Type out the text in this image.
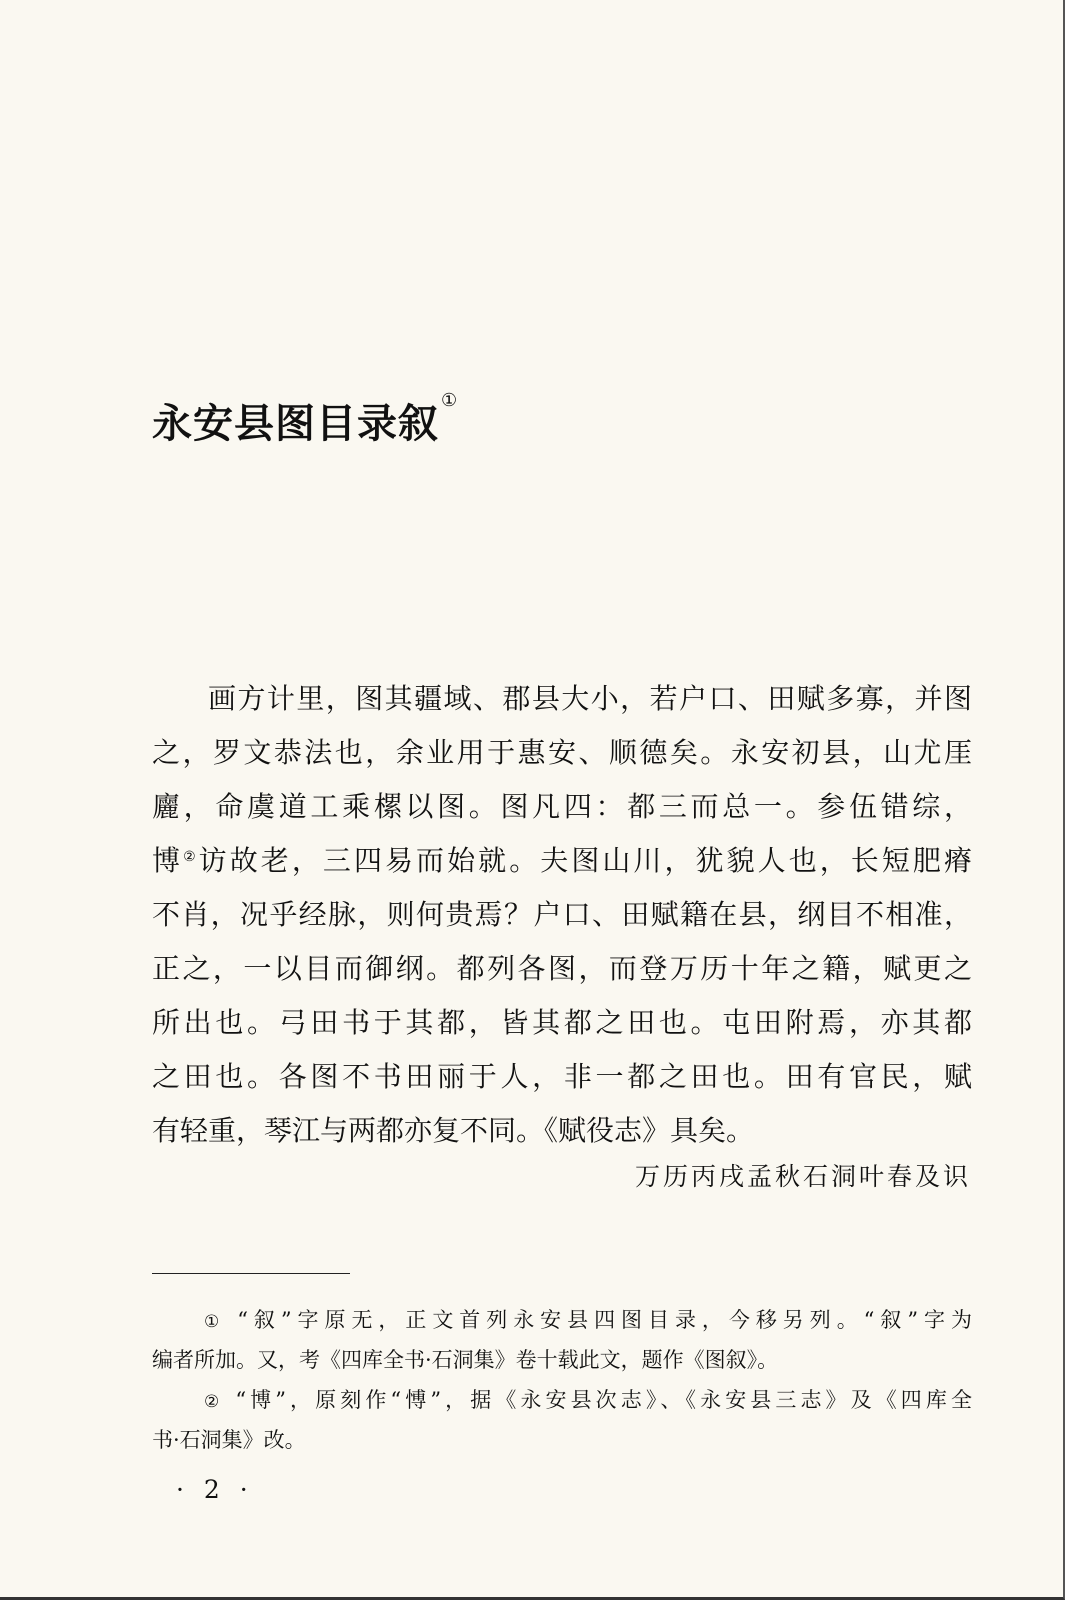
永安县图目录叙 ①
画方计里，图其疆域、郡县大小，若户口、田赋多寡，并图
之，罗文恭法也，余业用于惠安、顺德矣。永安初县，山尤厓
廲，命虞道工乘樏以图。图凡四：都三而总一。参伍错综，
博②访故老，三四易而始就。夫图山川，犹貌人也，长短肥瘠
不肖，况乎经脉，则何贵焉？户口、田赋籍在县，纲目不相准，
正之，一以目而御纲。都列各图，而登万历十年之籍，赋更之
所出也。弓田书于其都，皆其都之田也。屯田附焉，亦其都
之田也。各图不书田丽于人，非一都之田也。田有官民，赋
有轻重，琴江与两都亦复不同。《赋役志》具矣。
万历丙戌孟秋石洞叶春及识
① “叙”字原无，正文首列永安县四图目录，今移另列。“叙”字为
编者所加。又，考《四库全书·石洞集》卷十载此文，题作《图叙》。
② “博”，原刻作“愽”，据《永安县次志》、《永安县三志》及《四库全
书·石洞集》改。
· 2 ·
